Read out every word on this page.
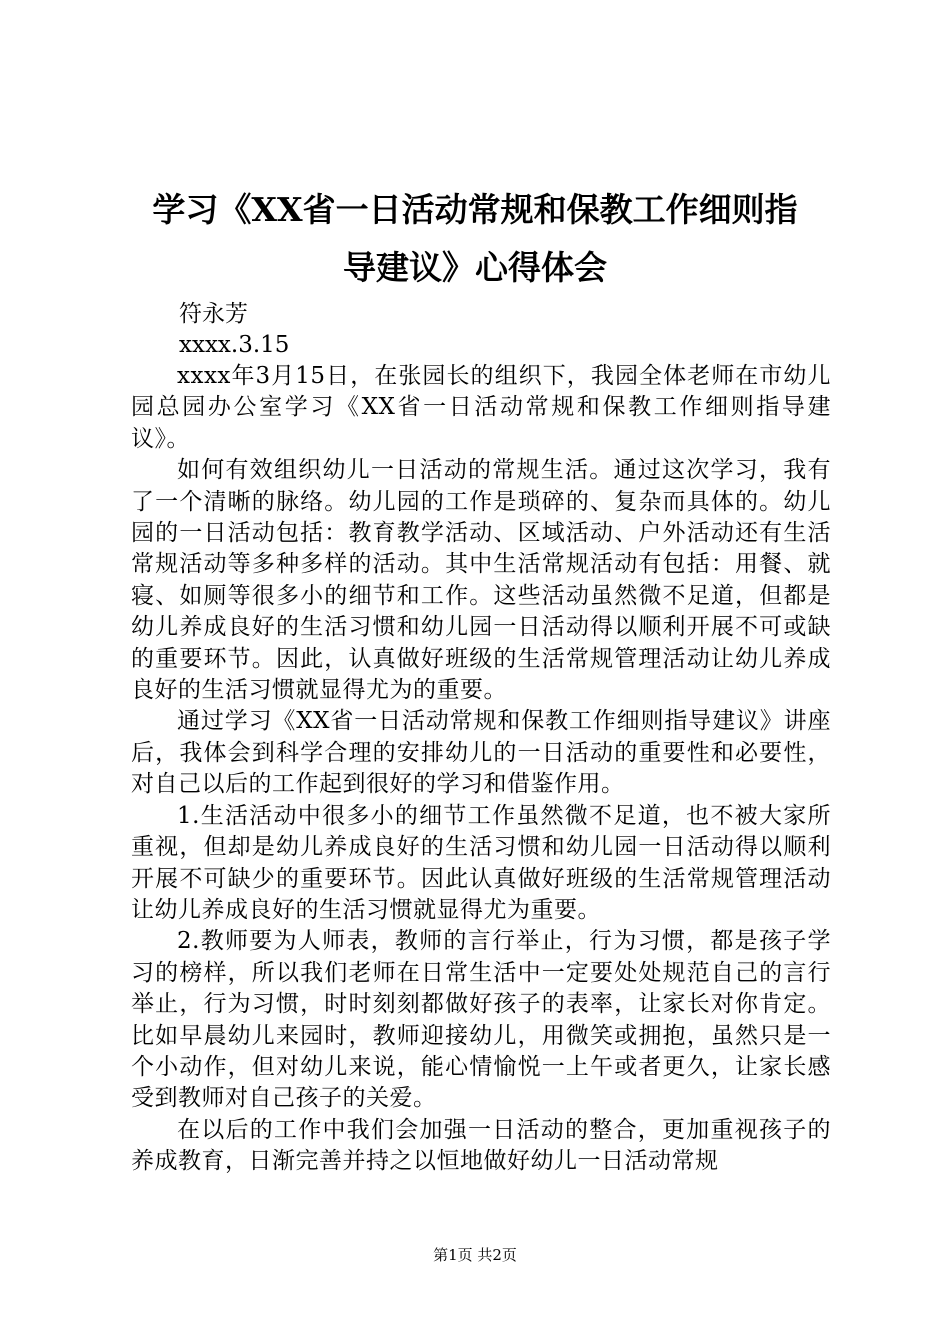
学习《XX省一日活动常规和保教工作细则指
导建议》心得体会
符永芳
xxxx.3.15

xxxx年3月15日，在张园长的组织下，我园全体老师在市幼儿园总园办公室学习《XX省一日活动常规和保教工作细则指导建议》。

如何有效组织幼儿一日活动的常规生活。通过这次学习，我有了一个清晰的脉络。幼儿园的工作是琐碎的、复杂而具体的。幼儿园的一日活动包括：教育教学活动、区域活动、户外活动还有生活常规活动等多种多样的活动。其中生活常规活动有包括：用餐、就寝、如厕等很多小的细节和工作。这些活动虽然微不足道，但都是幼儿养成良好的生活习惯和幼儿园一日活动得以顺利开展不可或缺的重要环节。因此，认真做好班级的生活常规管理活动让幼儿养成良好的生活习惯就显得尤为的重要。

通过学习《XX省一日活动常规和保教工作细则指导建议》讲座后，我体会到科学合理的安排幼儿的一日活动的重要性和必要性，对自己以后的工作起到很好的学习和借鉴作用。

1.生活活动中很多小的细节工作虽然微不足道，也不被大家所重视，但却是幼儿养成良好的生活习惯和幼儿园一日活动得以顺利开展不可缺少的重要环节。因此认真做好班级的生活常规管理活动让幼儿养成良好的生活习惯就显得尤为重要。

2.教师要为人师表，教师的言行举止，行为习惯，都是孩子学习的榜样，所以我们老师在日常生活中一定要处处规范自己的言行举止，行为习惯，时时刻刻都做好孩子的表率，让家长对你肯定。比如早晨幼儿来园时，教师迎接幼儿，用微笑或拥抱，虽然只是一个小动作，但对幼儿来说，能心情愉悦一上午或者更久，让家长感受到教师对自己孩子的关爱。

在以后的工作中我们会加强一日活动的整合，更加重视孩子的养成教育，日渐完善并持之以恒地做好幼儿一日活动常规

第1页 共2页
